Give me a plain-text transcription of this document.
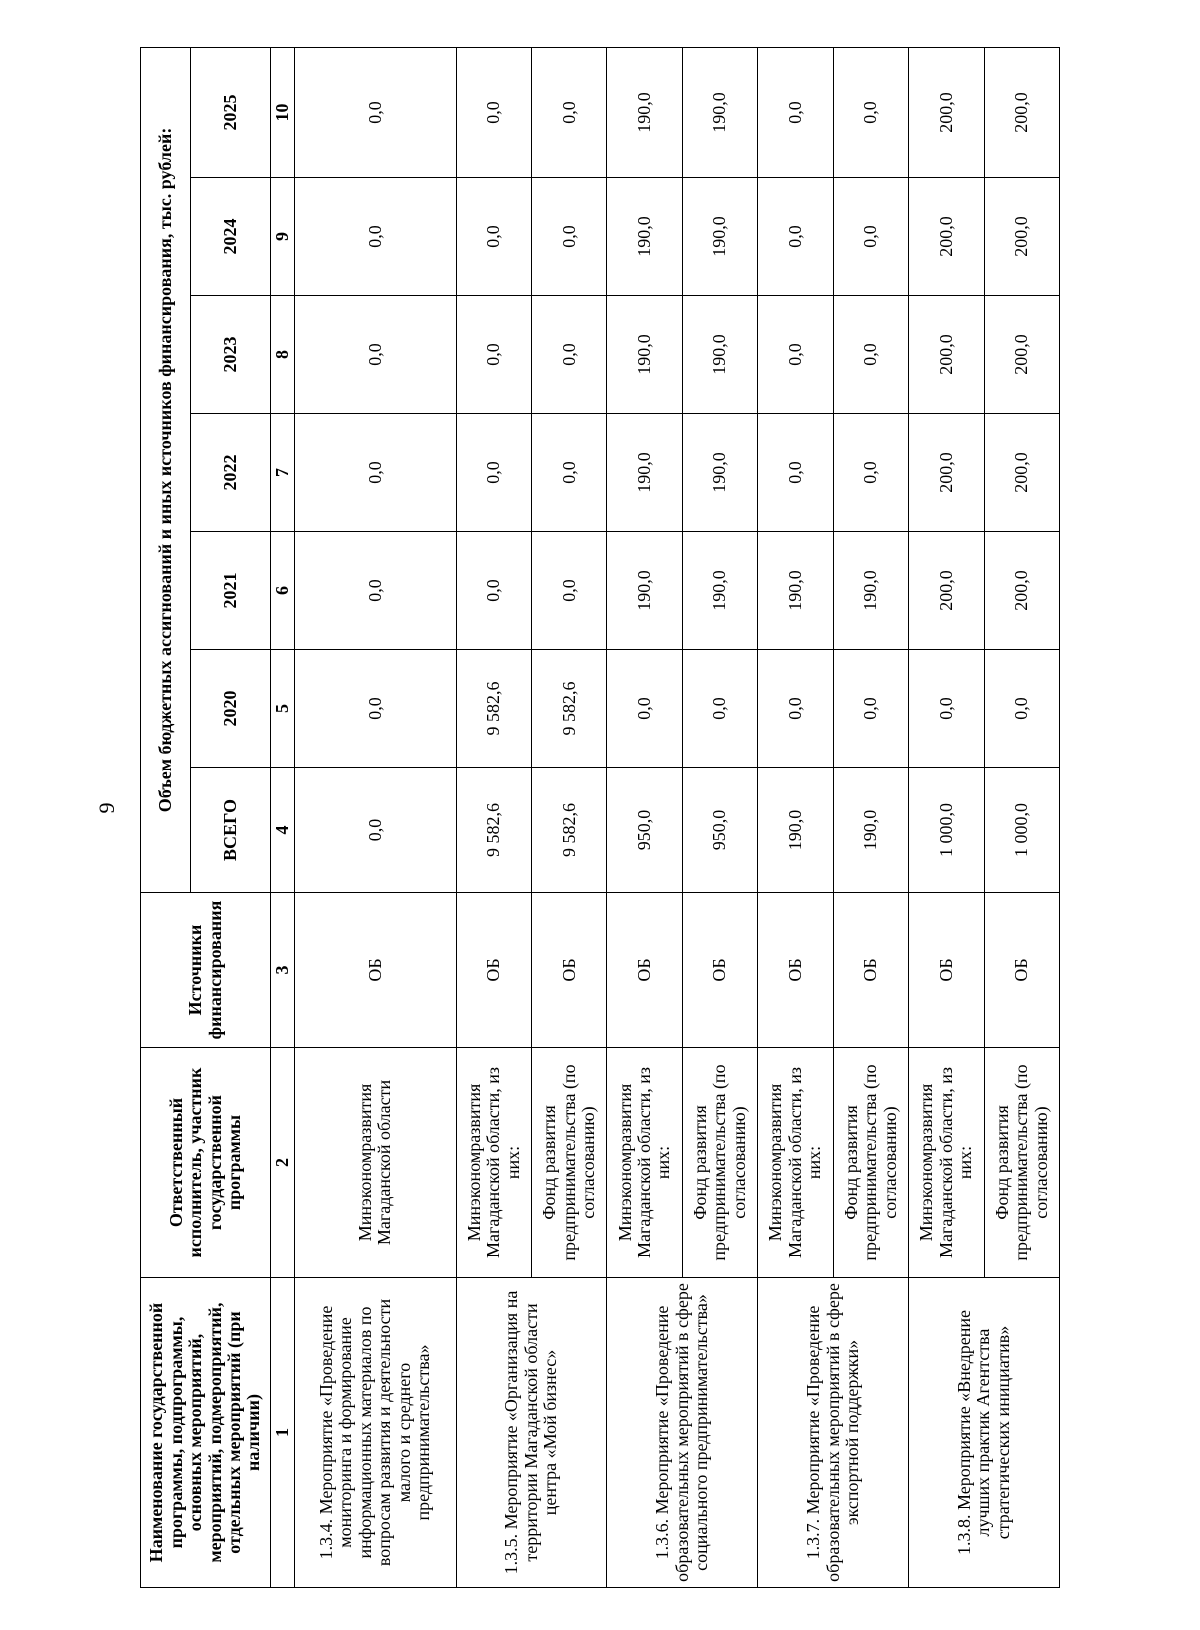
9
Наименование государственной программы, подпрограммы, основных мероприятий, мероприятий, подмероприятий, отдельных мероприятий (при наличии)	Ответственный исполнитель, участник государственной программы	Источники финансирования	Объем бюджетных ассигнований и иных источников финансирования, тыс. рублей:						
			ВСЕГО	2020	2021	2022	2023	2024	2025
1	2	3	4	5	6	7	8	9	10
1.3.4. Мероприятие «Проведение мониторинга и формирование информационных материалов по вопросам развития и деятельности малого и среднего предпринимательства»	Минэкономразвития Магаданской области	ОБ	0,0	0,0	0,0	0,0	0,0	0,0	0,0
1.3.5. Мероприятие «Организация на территории Магаданской области центра «Мой бизнес»	Минэкономразвития Магаданской области, из них:	ОБ	9 582,6	9 582,6	0,0	0,0	0,0	0,0	0,0
	Фонд развития предпринимательства (по согласованию)	ОБ	9 582,6	9 582,6	0,0	0,0	0,0	0,0	0,0
1.3.6. Мероприятие «Проведение образовательных мероприятий в сфере социального предпринимательства»	Минэкономразвития Магаданской области, из них:	ОБ	950,0	0,0	190,0	190,0	190,0	190,0	190,0
	Фонд развития предпринимательства (по согласованию)	ОБ	950,0	0,0	190,0	190,0	190,0	190,0	190,0
1.3.7. Мероприятие «Проведение образовательных мероприятий в сфере экспортной поддержки»	Минэкономразвития Магаданской области, из них:	ОБ	190,0	0,0	190,0	0,0	0,0	0,0	0,0
	Фонд развития предпринимательства (по согласованию)	ОБ	190,0	0,0	190,0	0,0	0,0	0,0	0,0
1.3.8. Мероприятие «Внедрение лучших практик Агентства стратегических инициатив»	Минэкономразвития Магаданской области, из них:	ОБ	1 000,0	0,0	200,0	200,0	200,0	200,0	200,0
	Фонд развития предпринимательства (по согласованию)	ОБ	1 000,0	0,0	200,0	200,0	200,0	200,0	200,0
